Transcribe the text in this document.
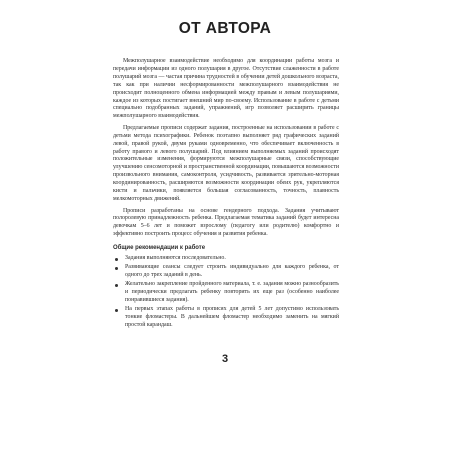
ОТ АВТОРА

Межполушарное взаимодействие необходимо для координации работы мозга и передачи информации из одного полушария в другое. Отсутствие слаженности в работе полушарий мозга — частая причина трудностей в обучении детей дошкольного возраста, так как при наличии несформированности межполушарного взаимодействия не происходит полноценного обмена информацией между правым и левым полушариями, каждое из которых постигает внешний мир по-своему. Использование в работе с детьми специально подобранных заданий, упражнений, игр позволяет расширить границы межполушарного взаимодействия.

Предлагаемые прописи содержат задания, построенные на использовании в работе с детьми метода психографики. Ребенок поэтапно выполняет ряд графических заданий левой, правой рукой, двумя руками одновременно, что обеспечивает включенность в работу правого и левого полушарий. Под влиянием выполняемых заданий происходят положительные изменения, формируются межполушарные связи, способствующие улучшению сенсомоторной и пространственной координации, повышаются возможности произвольного внимания, самоконтроля, усидчивость, развивается зрительно-моторная координированность, расширяются возможности координации обеих рук, укрепляются кисти и пальчики, появляется большая согласованность, точность, плавность мелкомоторных движений.

Прописи разработаны на основе гендерного подхода. Задания учитывают полоролевую принадлежность ребенка. Предлагаемая тематика заданий будет интересна девочкам 5–6 лет и поможет взрослому (педагогу или родителю) комфортно и эффективно построить процесс обучения и развития ребенка.

Общие рекомендации к работе
Задания выполняются последовательно.
Развивающие сеансы следует строить индивидуально для каждого ребенка, от одного до трех заданий в день.
Желательно закрепление пройденного материала, т. е. задания можно разнообразить и периодически предлагать ребенку повторить их еще раз (особенно наиболее понравившиеся задания).
На первых этапах работы в прописях для детей 5 лет допустимо использовать тонкие фломастеры. В дальнейшем фломастер необходимо заменить на мягкий простой карандаш.
3
